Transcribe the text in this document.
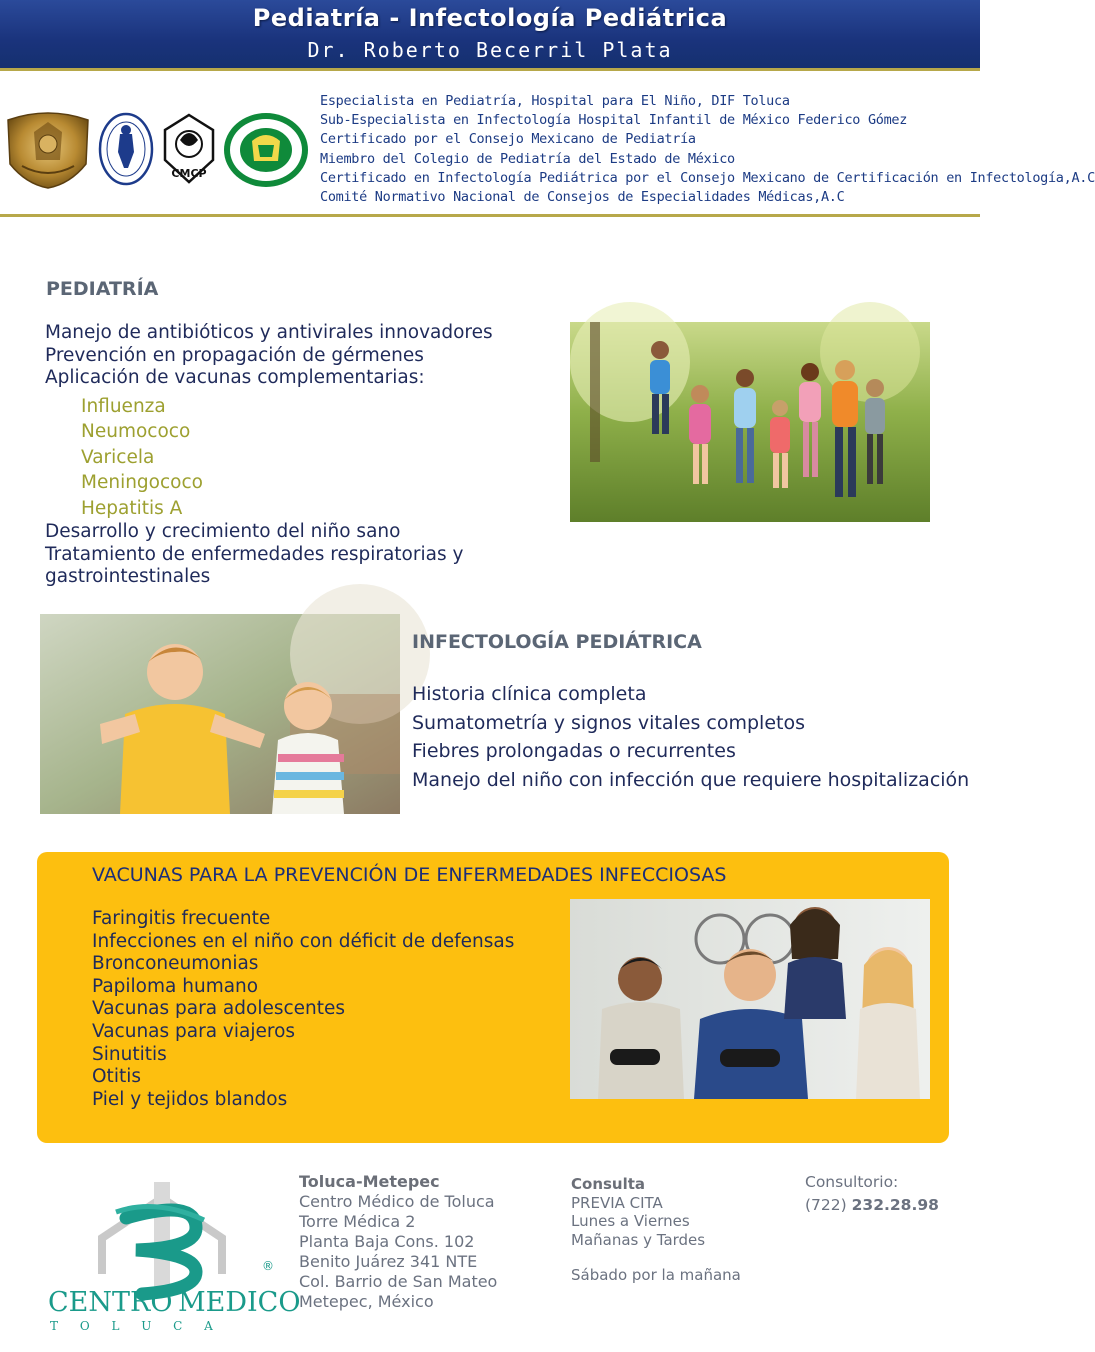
Pediatría - Infectología Pediátrica
Dr. Roberto Becerril Plata
CMCP
Especialista en Pediatría, Hospital para El Niño, DIF Toluca
Sub-Especialista en Infectología Hospital Infantil de México Federico Gómez
Certificado por el Consejo Mexicano de Pediatría
Miembro del Colegio de Pediatría del Estado de México
Certificado en Infectología Pediátrica por el Consejo Mexicano de Certificación en Infectología,A.C
Comité Normativo Nacional de Consejos de Especialidades Médicas,A.C
PEDIATRÍA
Manejo de antibióticos y antivirales innovadores
Prevención en propagación de gérmenes
Aplicación de vacunas complementarias:
Influenza
Neumococo
Varicela
Meningococo
Hepatitis A
Desarrollo y crecimiento del niño sano
Tratamiento de enfermedades respiratorias y
gastrointestinales
INFECTOLOGÍA PEDIÁTRICA
Historia clínica completa
Sumatometría y signos vitales completos
Fiebres prolongadas o recurrentes
Manejo del niño con infección que requiere hospitalización
VACUNAS PARA LA PREVENCIÓN DE ENFERMEDADES INFECCIOSAS
Faringitis frecuente
Infecciones en el niño con déficit de defensas
Bronconeumonias
Papiloma humano
Vacunas para adolescentes
Vacunas para viajeros
Sinutitis
Otitis
Piel y tejidos blandos
CENTRO MEDICO
T O L U C A
®
Toluca-Metepec
Centro Médico de Toluca
Torre Médica 2
Planta Baja Cons. 102
Benito Juárez 341 NTE
Col. Barrio de San Mateo
Metepec, México
Consulta
PREVIA CITA
Lunes a Viernes
Mañanas y Tardes
Sábado por la mañana
Consultorio:
(722) 232.28.98
